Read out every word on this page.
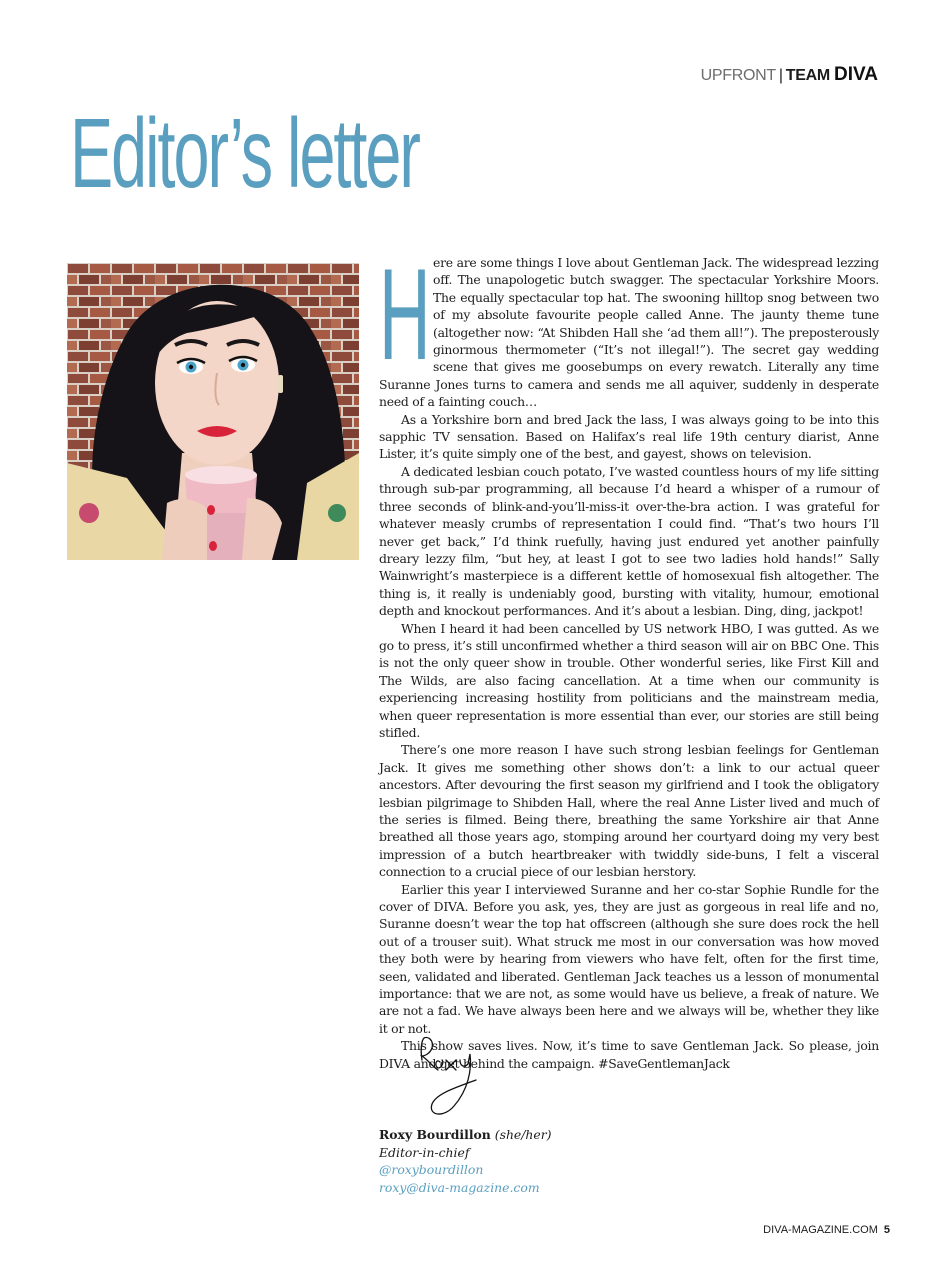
UPFRONT | TEAM DIVA
Editor’s letter

Here are some things I love about Gentleman Jack. The widespread lezzing off. The unapologetic butch swagger. The spectacular Yorkshire Moors. The equally spectacular top hat. The swooning hilltop snog between two of my absolute favourite people called Anne. The jaunty theme tune (altogether now: “At Shibden Hall she ‘ad them all!”). The preposterously ginormous thermometer (“It’s not illegal!”). The secret gay wedding scene that gives me goosebumps on every rewatch. Literally any time Suranne Jones turns to camera and sends me all aquiver, suddenly in desperate need of a fainting couch…

As a Yorkshire born and bred Jack the lass, I was always going to be into this sapphic TV sensation. Based on Halifax’s real life 19th century diarist, Anne Lister, it’s quite simply one of the best, and gayest, shows on television.

A dedicated lesbian couch potato, I’ve wasted countless hours of my life sitting through sub-par programming, all because I’d heard a whisper of a rumour of three seconds of blink-and-you’ll-miss-it over-the-bra action. I was grateful for whatever measly crumbs of representation I could find. “That’s two hours I’ll never get back,” I’d think ruefully, having just endured yet another painfully dreary lezzy film, “but hey, at least I got to see two ladies hold hands!” Sally Wainwright’s masterpiece is a different kettle of homosexual fish altogether. The thing is, it really is undeniably good, bursting with vitality, humour, emotional depth and knockout performances. And it’s about a lesbian. Ding, ding, jackpot!

When I heard it had been cancelled by US network HBO, I was gutted. As we go to press, it’s still unconfirmed whether a third season will air on BBC One. This is not the only queer show in trouble. Other wonderful series, like First Kill and The Wilds, are also facing cancellation. At a time when our community is experiencing increasing hostility from politicians and the mainstream media, when queer representation is more essential than ever, our stories are still being stifled.

There’s one more reason I have such strong lesbian feelings for Gentleman Jack. It gives me something other shows don’t: a link to our actual queer ancestors. After devouring the first season my girlfriend and I took the obligatory lesbian pilgrimage to Shibden Hall, where the real Anne Lister lived and much of the series is filmed. Being there, breathing the same Yorkshire air that Anne breathed all those years ago, stomping around her courtyard doing my very best impression of a butch heartbreaker with twiddly side-buns, I felt a visceral connection to a crucial piece of our lesbian herstory.

Earlier this year I interviewed Suranne and her co-star Sophie Rundle for the cover of DIVA. Before you ask, yes, they are just as gorgeous in real life and no, Suranne doesn’t wear the top hat offscreen (although she sure does rock the hell out of a trouser suit). What struck me most in our conversation was how moved they both were by hearing from viewers who have felt, often for the first time, seen, validated and liberated. Gentleman Jack teaches us a lesson of monumental importance: that we are not, as some would have us believe, a freak of nature. We are not a fad. We have always been here and we always will be, whether they like it or not.

This show saves lives. Now, it’s time to save Gentleman Jack. So please, join DIVA and get behind the campaign. #SaveGentlemanJack

Roxy Bourdillon (she/her)
Editor-in-chief
@roxybourdillon
roxy@diva-magazine.com
DIVA-MAGAZINE.COM 5
